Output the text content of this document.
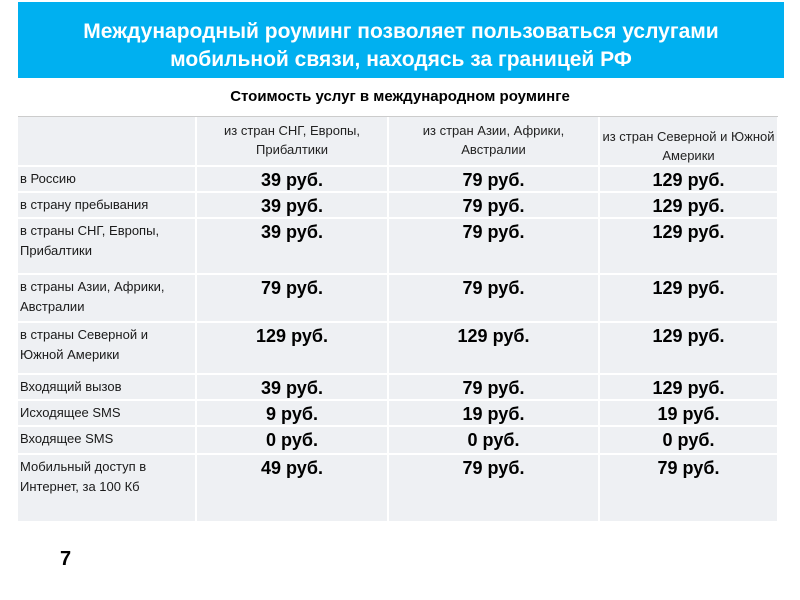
Международный роуминг позволяет пользоваться услугами
мобильной связи, находясь за границей РФ
Стоимость услуг в международном роуминге
	из стран СНГ, Европы, Прибалтики	из стран Азии, Африки, Австралии	из стран Северной и Южной Америки
в Россию	39 руб.	79 руб.	129 руб.
в страну пребывания	39 руб.	79 руб.	129 руб.
в страны СНГ, Европы, Прибалтики	39 руб.	79 руб.	129 руб.
в страны Азии, Африки, Австралии	79 руб.	79 руб.	129 руб.
в страны Северной и Южной Америки	129 руб.	129 руб.	129 руб.
Входящий вызов	39 руб.	79 руб.	129 руб.
Исходящее SMS	9 руб.	19 руб.	19 руб.
Входящее SMS	0 руб.	0 руб.	0 руб.
Мобильный доступ в Интернет, за 100 Кб	49 руб.	79 руб.	79 руб.
7
